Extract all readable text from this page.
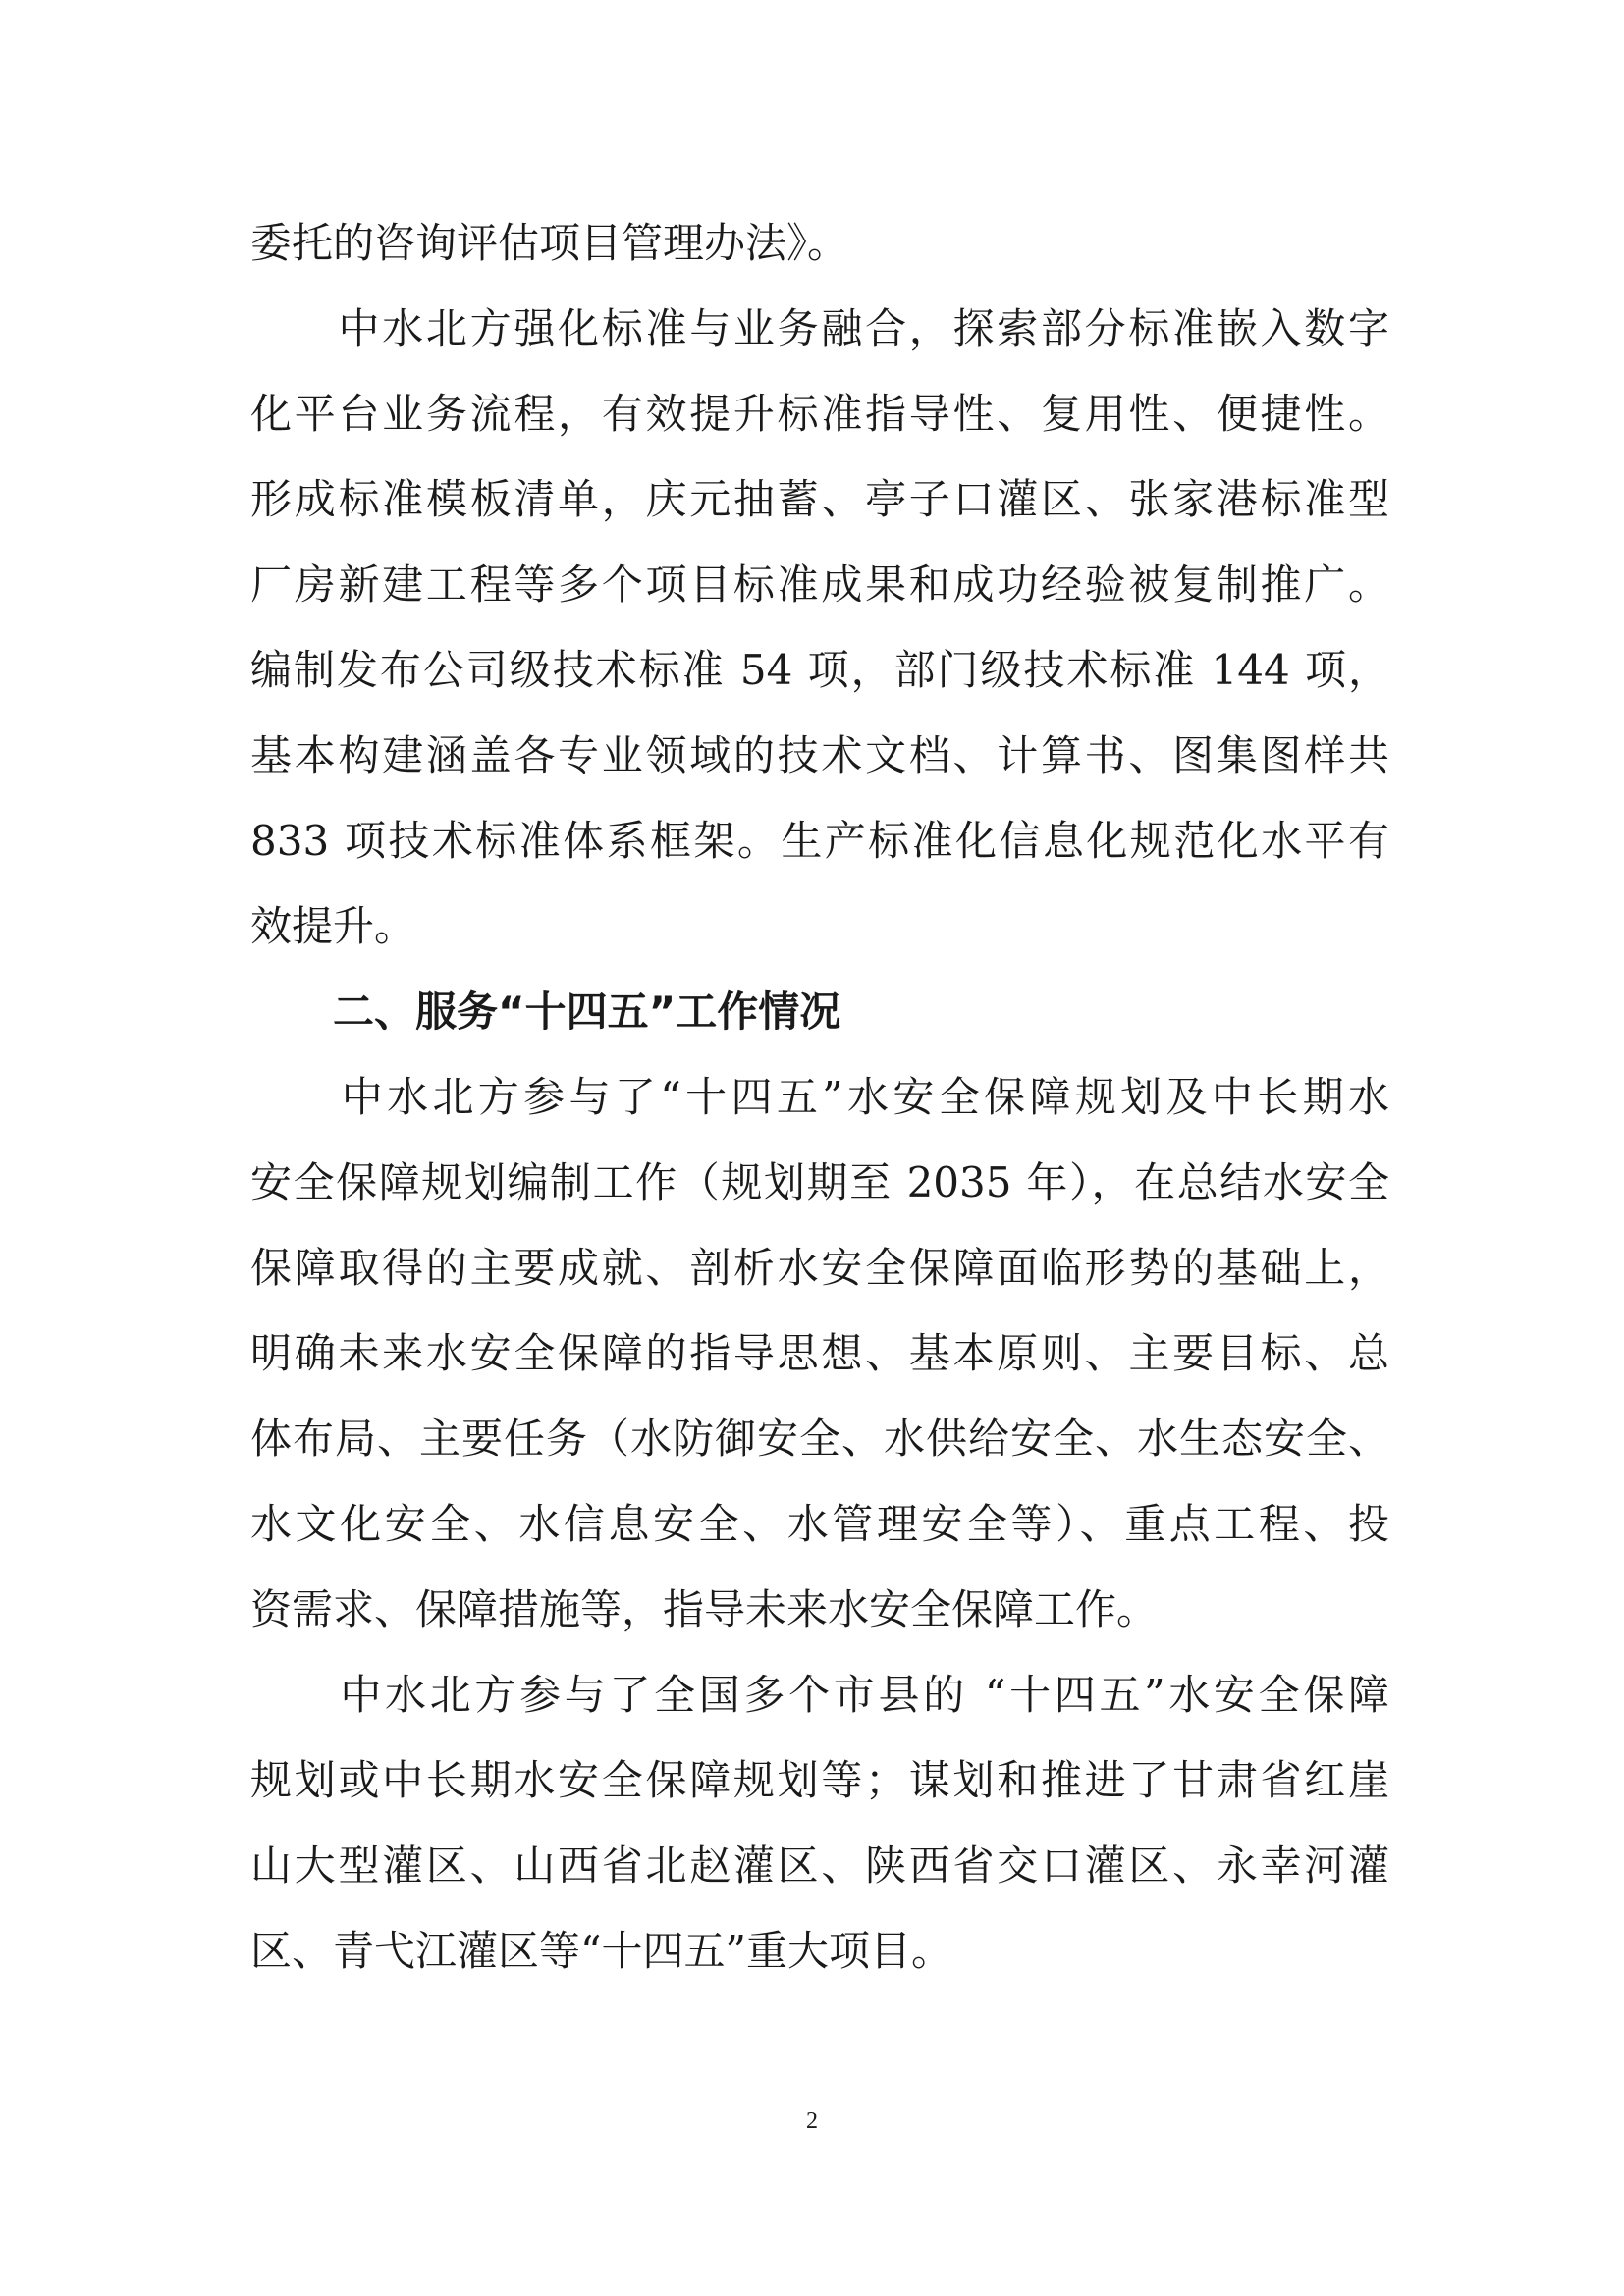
委托的咨询评估项目管理办法》。
　　中水北方强化标准与业务融合，探索部分标准嵌入数字
化平台业务流程，有效提升标准指导性、复用性、便捷性。
形成标准模板清单，庆元抽蓄、亭子口灌区、张家港标准型
厂房新建工程等多个项目标准成果和成功经验被复制推广。
编制发布公司级技术标准 54 项，部门级技术标准 144 项，
基本构建涵盖各专业领域的技术文档、计算书、图集图样共
833 项技术标准体系框架。生产标准化信息化规范化水平有
效提升。
　　二、服务“十四五”工作情况
　　中水北方参与了“十四五”水安全保障规划及中长期水
安全保障规划编制工作（规划期至 2035 年），在总结水安全
保障取得的主要成就、剖析水安全保障面临形势的基础上，
明确未来水安全保障的指导思想、基本原则、主要目标、总
体布局、主要任务（水防御安全、水供给安全、水生态安全、
水文化安全、水信息安全、水管理安全等）、重点工程、投
资需求、保障措施等，指导未来水安全保障工作。
　　中水北方参与了全国多个市县的 “十四五”水安全保障
规划或中长期水安全保障规划等；谋划和推进了甘肃省红崖
山大型灌区、山西省北赵灌区、陕西省交口灌区、永幸河灌
区、青弋江灌区等“十四五”重大项目。
2
